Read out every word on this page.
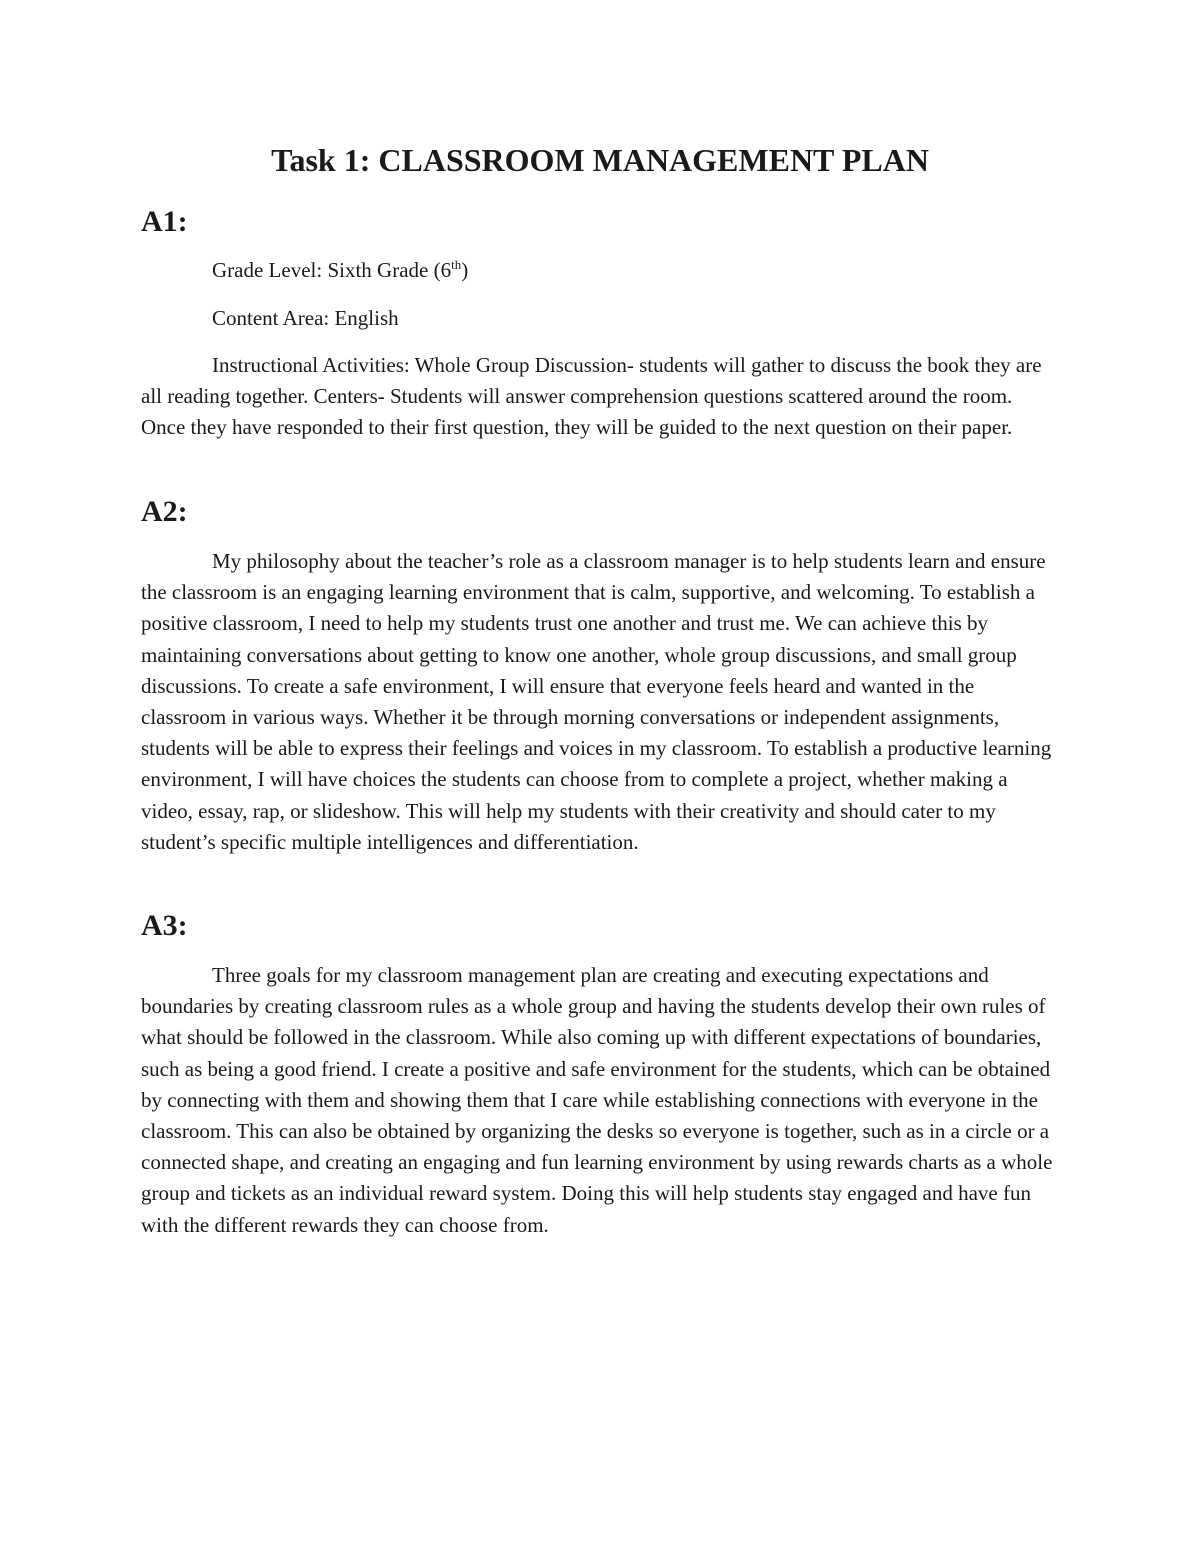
Task 1: CLASSROOM MANAGEMENT PLAN
A1:

Grade Level: Sixth Grade (6th)

Content Area: English

Instructional Activities: Whole Group Discussion- students will gather to discuss the book they are all reading together. Centers- Students will answer comprehension questions scattered around the room. Once they have responded to their first question, they will be guided to the next question on their paper.

A2:

My philosophy about the teacher’s role as a classroom manager is to help students learn and ensure the classroom is an engaging learning environment that is calm, supportive, and welcoming. To establish a positive classroom, I need to help my students trust one another and trust me. We can achieve this by maintaining conversations about getting to know one another, whole group discussions, and small group discussions. To create a safe environment, I will ensure that everyone feels heard and wanted in the classroom in various ways. Whether it be through morning conversations or independent assignments, students will be able to express their feelings and voices in my classroom. To establish a productive learning environment, I will have choices the students can choose from to complete a project, whether making a video, essay, rap, or slideshow. This will help my students with their creativity and should cater to my student’s specific multiple intelligences and differentiation.

A3:

Three goals for my classroom management plan are creating and executing expectations and boundaries by creating classroom rules as a whole group and having the students develop their own rules of what should be followed in the classroom. While also coming up with different expectations of boundaries, such as being a good friend. I create a positive and safe environment for the students, which can be obtained by connecting with them and showing them that I care while establishing connections with everyone in the classroom. This can also be obtained by organizing the desks so everyone is together, such as in a circle or a connected shape, and creating an engaging and fun learning environment by using rewards charts as a whole group and tickets as an individual reward system. Doing this will help students stay engaged and have fun with the different rewards they can choose from.
